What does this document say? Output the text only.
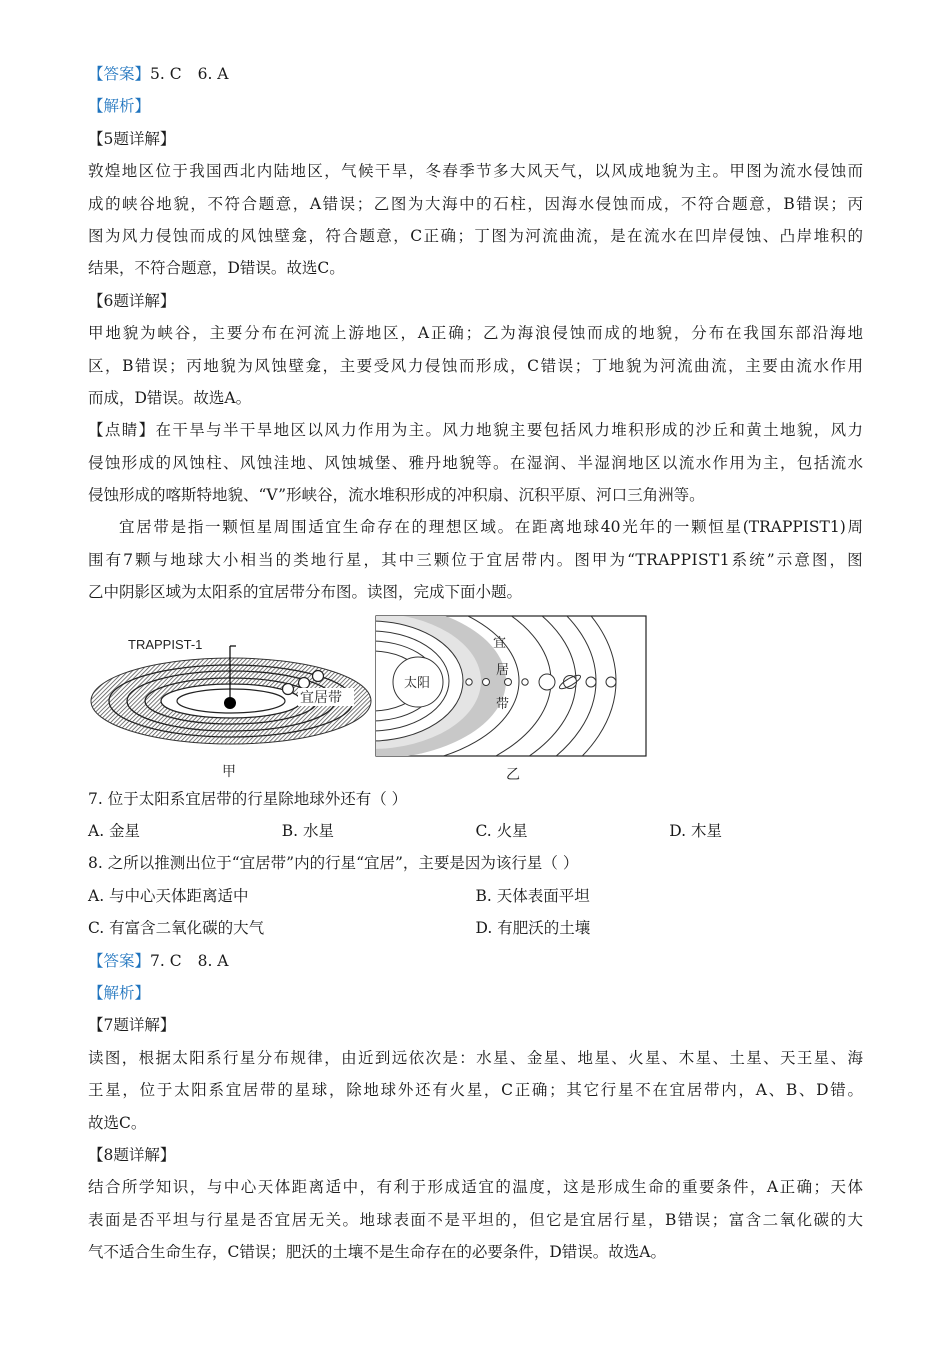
【答案】5. C 6. A
【解析】
【5题详解】
敦煌地区位于我国西北内陆地区，气候干旱，冬春季节多大风天气，以风成地貌为主。甲图为流水侵蚀而
成的峡谷地貌，不符合题意，A错误；乙图为大海中的石柱，因海水侵蚀而成，不符合题意，B错误；丙
图为风力侵蚀而成的风蚀壁龛，符合题意，C正确；丁图为河流曲流，是在流水在凹岸侵蚀、凸岸堆积的
结果，不符合题意，D错误。故选C。
【6题详解】
甲地貌为峡谷，主要分布在河流上游地区，A正确；乙为海浪侵蚀而成的地貌，分布在我国东部沿海地
区，B错误；丙地貌为风蚀壁龛，主要受风力侵蚀而形成，C错误；丁地貌为河流曲流，主要由流水作用
而成，D错误。故选A。
【点睛】在干旱与半干旱地区以风力作用为主。风力地貌主要包括风力堆积形成的沙丘和黄土地貌，风力
侵蚀形成的风蚀柱、风蚀洼地、风蚀城堡、雅丹地貌等。在湿润、半湿润地区以流水作用为主，包括流水
侵蚀形成的喀斯特地貌、“V”形峡谷，流水堆积形成的冲积扇、沉积平原、河口三角洲等。
宜居带是指一颗恒星周围适宜生命存在的理想区域。在距离地球40光年的一颗恒星(TRAPPIST1)周
围有7颗与地球大小相当的类地行星，其中三颗位于宜居带内。图甲为“TRAPPIST1系统”示意图，图
乙中阴影区域为太阳系的宜居带分布图。读图，完成下面小题。
TRAPPIST-1
宜居带
甲
太阳
宜
居
带
乙
7. 位于太阳系宜居带的行星除地球外还有（ ）
A. 金星	B. 水星	C. 火星	D. 木星
8. 之所以推测出位于“宜居带”内的行星“宜居”，主要是因为该行星（ ）
A. 与中心天体距离适中	B. 天体表面平坦
C. 有富含二氧化碳的大气	D. 有肥沃的土壤
【答案】7. C 8. A
【解析】
【7题详解】
读图，根据太阳系行星分布规律，由近到远依次是：水星、金星、地星、火星、木星、土星、天王星、海
王星，位于太阳系宜居带的星球，除地球外还有火星，C正确；其它行星不在宜居带内，A、B、D错。
故选C。
【8题详解】
结合所学知识，与中心天体距离适中，有利于形成适宜的温度，这是形成生命的重要条件，A正确；天体
表面是否平坦与行星是否宜居无关。地球表面不是平坦的，但它是宜居行星，B错误；富含二氧化碳的大
气不适合生命生存，C错误；肥沃的土壤不是生命存在的必要条件，D错误。故选A。
